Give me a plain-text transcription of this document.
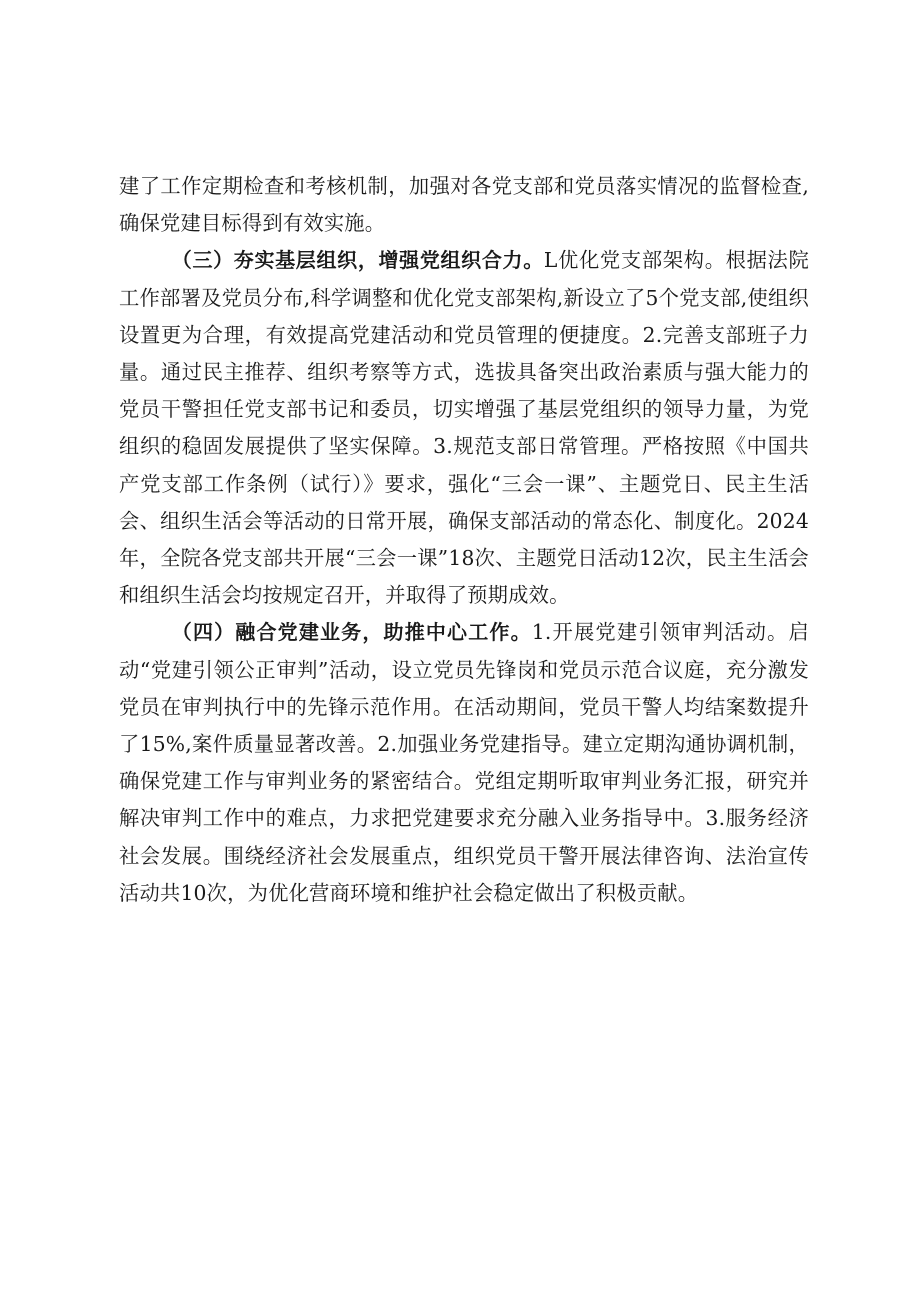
建了工作定期检查和考核机制，加强对各党支部和党员落实情况的监督检查,确保党建目标得到有效实施。

（三）夯实基层组织，增强党组织合力。L优化党支部架构。根据法院工作部署及党员分布,科学调整和优化党支部架构,新设立了5个党支部,使组织设置更为合理，有效提高党建活动和党员管理的便捷度。2.完善支部班子力量。通过民主推荐、组织考察等方式，选拔具备突出政治素质与强大能力的党员干警担任党支部书记和委员，切实增强了基层党组织的领导力量，为党组织的稳固发展提供了坚实保障。3.规范支部日常管理。严格按照《中国共产党支部工作条例（试行）》要求，强化“三会一课”、主题党日、民主生活会、组织生活会等活动的日常开展，确保支部活动的常态化、制度化。2024年，全院各党支部共开展“三会一课”18次、主题党日活动12次，民主生活会和组织生活会均按规定召开，并取得了预期成效。

（四）融合党建业务，助推中心工作。1.开展党建引领审判活动。启动“党建引领公正审判”活动，设立党员先锋岗和党员示范合议庭，充分激发党员在审判执行中的先锋示范作用。在活动期间，党员干警人均结案数提升了15%,案件质量显著改善。2.加强业务党建指导。建立定期沟通协调机制，确保党建工作与审判业务的紧密结合。党组定期听取审判业务汇报，研究并解决审判工作中的难点，力求把党建要求充分融入业务指导中。3.服务经济社会发展。围绕经济社会发展重点，组织党员干警开展法律咨询、法治宣传活动共10次，为优化营商环境和维护社会稳定做出了积极贡献。
